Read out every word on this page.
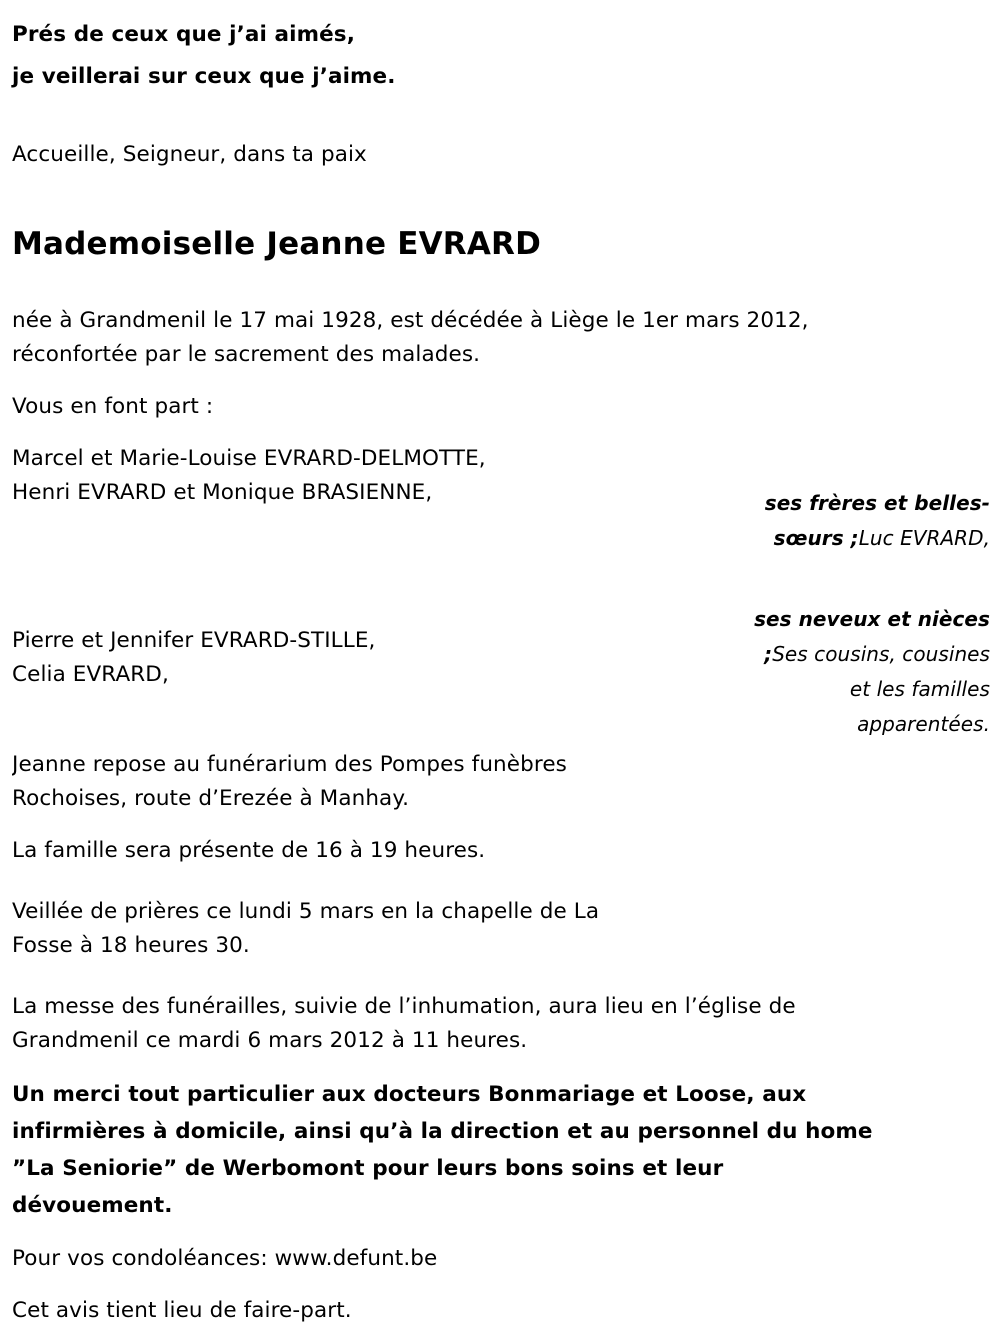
Prés de ceux que j’ai aimés,
je veillerai sur ceux que j’aime.
Accueille, Seigneur, dans ta paix
Mademoiselle Jeanne EVRARD
née à Grandmenil le 17 mai 1928, est décédée à Liège le 1er mars 2012,
réconfortée par le sacrement des malades.
Vous en font part :
ses frères et belles-sœurs ;Luc EVRARD,
ses neveux et nièces ;Ses cousins, cousines et les familles apparentées.
Marcel et Marie-Louise EVRARD-DELMOTTE,
Henri EVRARD et Monique BRASIENNE,
Pierre et Jennifer EVRARD-STILLE,
Celia EVRARD,
Jeanne repose au funérarium des Pompes funèbres
Rochoises, route d’Erezée à Manhay.
La famille sera présente de 16 à 19 heures.
Veillée de prières ce lundi 5 mars en la chapelle de La
Fosse à 18 heures 30.
La messe des funérailles, suivie de l’inhumation, aura lieu en l’église de
Grandmenil ce mardi 6 mars 2012 à 11 heures.
Un merci tout particulier aux docteurs Bonmariage et Loose, aux
infirmières à domicile, ainsi qu’à la direction et au personnel du home
”La Seniorie” de Werbomont pour leurs bons soins et leur
dévouement.
Pour vos condoléances: www.defunt.be
Cet avis tient lieu de faire-part.
